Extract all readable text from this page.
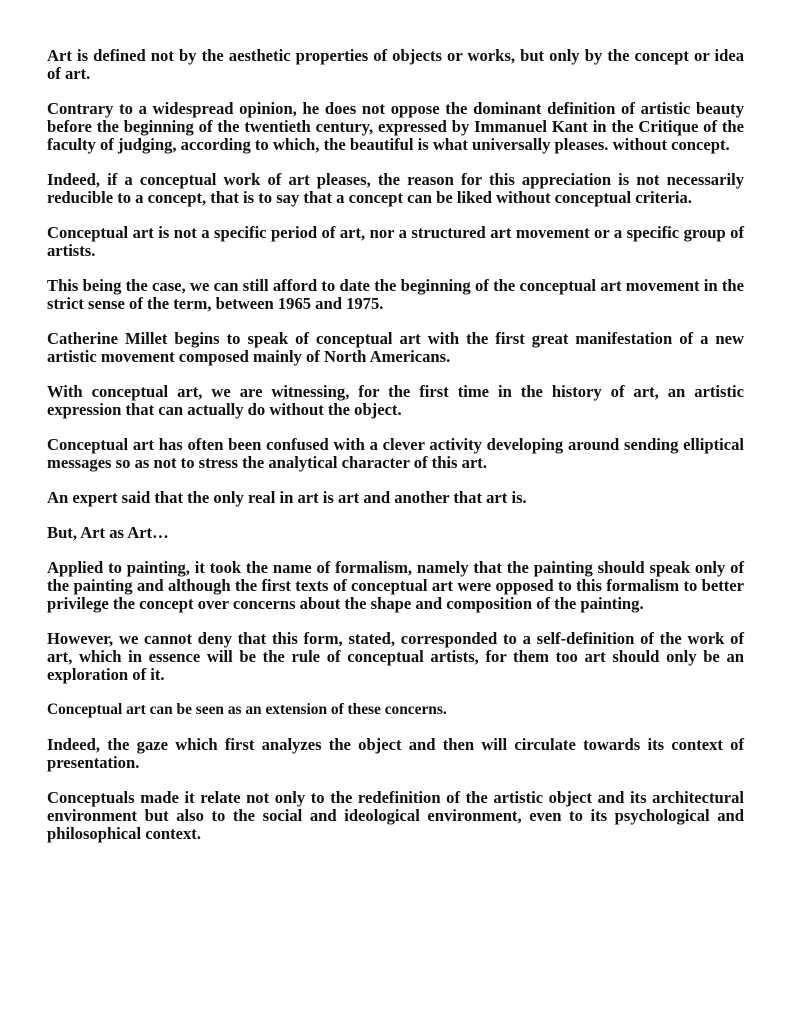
Art is defined not by the aesthetic properties of objects or works, but only by the concept or idea of art.

Contrary to a widespread opinion, he does not oppose the dominant definition of artistic beauty before the beginning of the twentieth century, expressed by Immanuel Kant in the Critique of the faculty of judging, according to which, the beautiful is what universally pleases. without concept.

Indeed, if a conceptual work of art pleases, the reason for this appreciation is not necessarily reducible to a concept, that is to say that a concept can be liked without conceptual criteria.

Conceptual art is not a specific period of art, nor a structured art movement or a specific group of artists.

This being the case, we can still afford to date the beginning of the conceptual art movement in the strict sense of the term, between 1965 and 1975.

Catherine Millet begins to speak of conceptual art with the first great manifestation of a new artistic movement composed mainly of North Americans.

With conceptual art, we are witnessing, for the first time in the history of art, an artistic expression that can actually do without the object.

Conceptual art has often been confused with a clever activity developing around sending elliptical messages so as not to stress the analytical character of this art.

An expert said that the only real in art is art and another that art is.

But, Art as Art…

Applied to painting, it took the name of formalism, namely that the painting should speak only of the painting and although the first texts of conceptual art were opposed to this formalism to better privilege the concept over concerns about the shape and composition of the painting.

However, we cannot deny that this form, stated, corresponded to a self-definition of the work of art, which in essence will be the rule of conceptual artists, for them too art should only be an exploration of it.

Conceptual art can be seen as an extension of these concerns.

Indeed, the gaze which first analyzes the object and then will circulate towards its context of presentation.

Conceptuals made it relate not only to the redefinition of the artistic object and its architectural environment but also to the social and ideological environment, even to its psychological and philosophical context.
